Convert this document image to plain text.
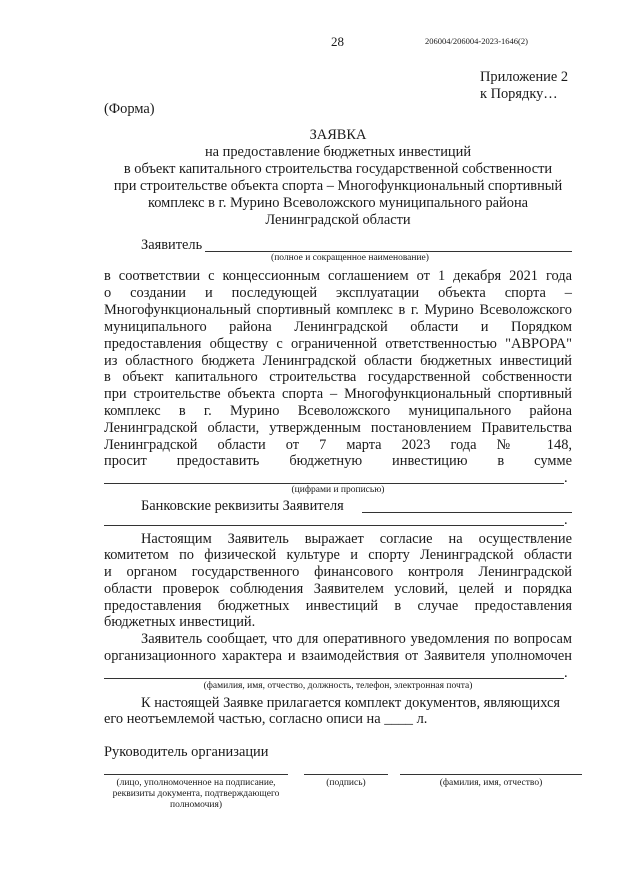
28	206004/206004-2023-1646(2)
Приложение 2
к Порядку…
(Форма)
ЗАЯВКА
на предоставление бюджетных инвестиций
в объект капитального строительства государственной собственности
при строительстве объекта спорта – Многофункциональный спортивный
комплекс в г. Мурино Всеволожского муниципального района
Ленинградской области
Заявитель
(полное и сокращенное наименование)
в соответствии с концессионным соглашением от 1 декабря 2021 года
о создании и последующей эксплуатации объекта спорта –
Многофункциональный спортивный комплекс в г. Мурино Всеволожского
муниципального района Ленинградской области и Порядком
предоставления обществу с ограниченной ответственностью "АВРОРА"
из областного бюджета Ленинградской области бюджетных инвестиций
в объект капитального строительства государственной собственности
при строительстве объекта спорта – Многофункциональный спортивный
комплекс в г. Мурино Всеволожского муниципального района
Ленинградской области, утвержденным постановлением Правительства
Ленинградской области от 7 марта 2023 года № 148,
просит предоставить бюджетную инвестицию в сумме
.
(цифрами и прописью)
Банковские реквизиты Заявителя
.
Настоящим Заявитель выражает согласие на осуществление
комитетом по физической культуре и спорту Ленинградской области
и органом государственного финансового контроля Ленинградской
области проверок соблюдения Заявителем условий, целей и порядка
предоставления бюджетных инвестиций в случае предоставления
бюджетных инвестиций.
Заявитель сообщает, что для оперативного уведомления по вопросам
организационного характера и взаимодействия от Заявителя уполномочен
.
(фамилия, имя, отчество, должность, телефон, электронная почта)
К настоящей Заявке прилагается комплект документов, являющихся
его неотъемлемой частью, согласно описи на ____ л.
Руководитель организации
(лицо, уполномоченное на подписание,
реквизиты документа, подтверждающего
полномочия)
(подпись)	(фамилия, имя, отчество)
